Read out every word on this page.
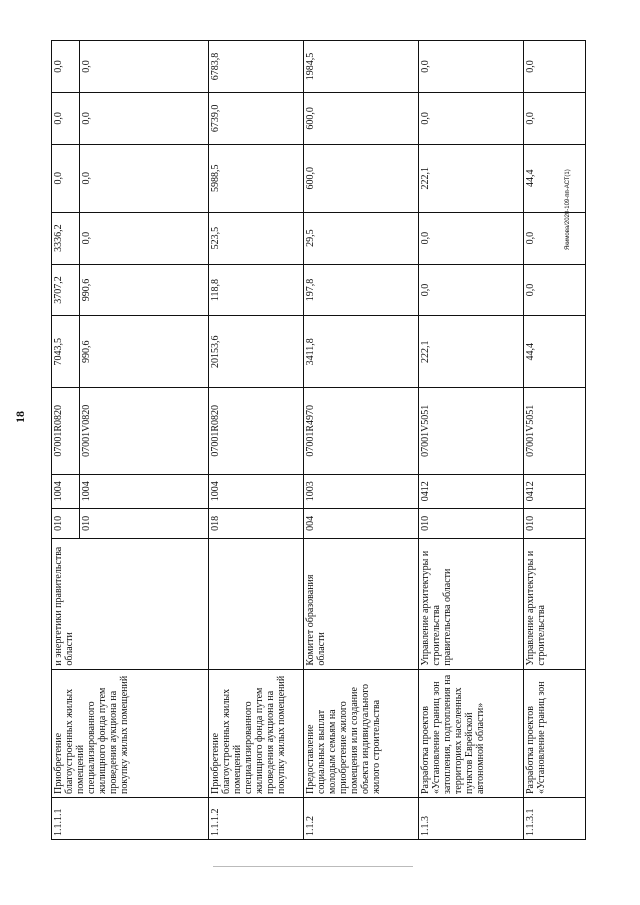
18
Якимова/2020-109-пп-АСТ(1)
1.1.1.1	Приобретение благоустроенных жилых помещений специализированного жилищного фонда путем проведения аукциона на покупку жилых помещений	и энергетики правительства области	010	1004	07001R0820	7043,5	3707,2	3336,2	0,0	0,0	0,0
			010	1004	07001V0820	990,6	990,6	0,0	0,0	0,0	0,0
1.1.1.2	Приобретение благоустроенных жилых помещений специализированного жилищного фонда путем проведения аукциона на покупку жилых помещений		018	1004	07001R0820	20153,6	118,8	523,5	5988,5	6739,0	6783,8
1.1.2	Предоставление социальных выплат молодым семьям на приобретение жилого помещения или создание объекта индивидуального жилого строительства	Комитет образования области	004	1003	07001R4970	3411,8	197,8	29,5	600,0	600,0	1984,5
1.1.3	Разработка проектов «Установление границ зон затопления, подтопления на территориях населенных пунктов Еврейской автономной области»	Управление архитектуры и строительства правительства области	010	0412	07001V5051	222,1	0,0	0,0	222,1	0,0	0,0
1.1.3.1	Разработка проектов «Установление границ зон	Управление архитектуры и строительства	010	0412	07001V5051	44,4	0,0	0,0	44,4	0,0	0,0
